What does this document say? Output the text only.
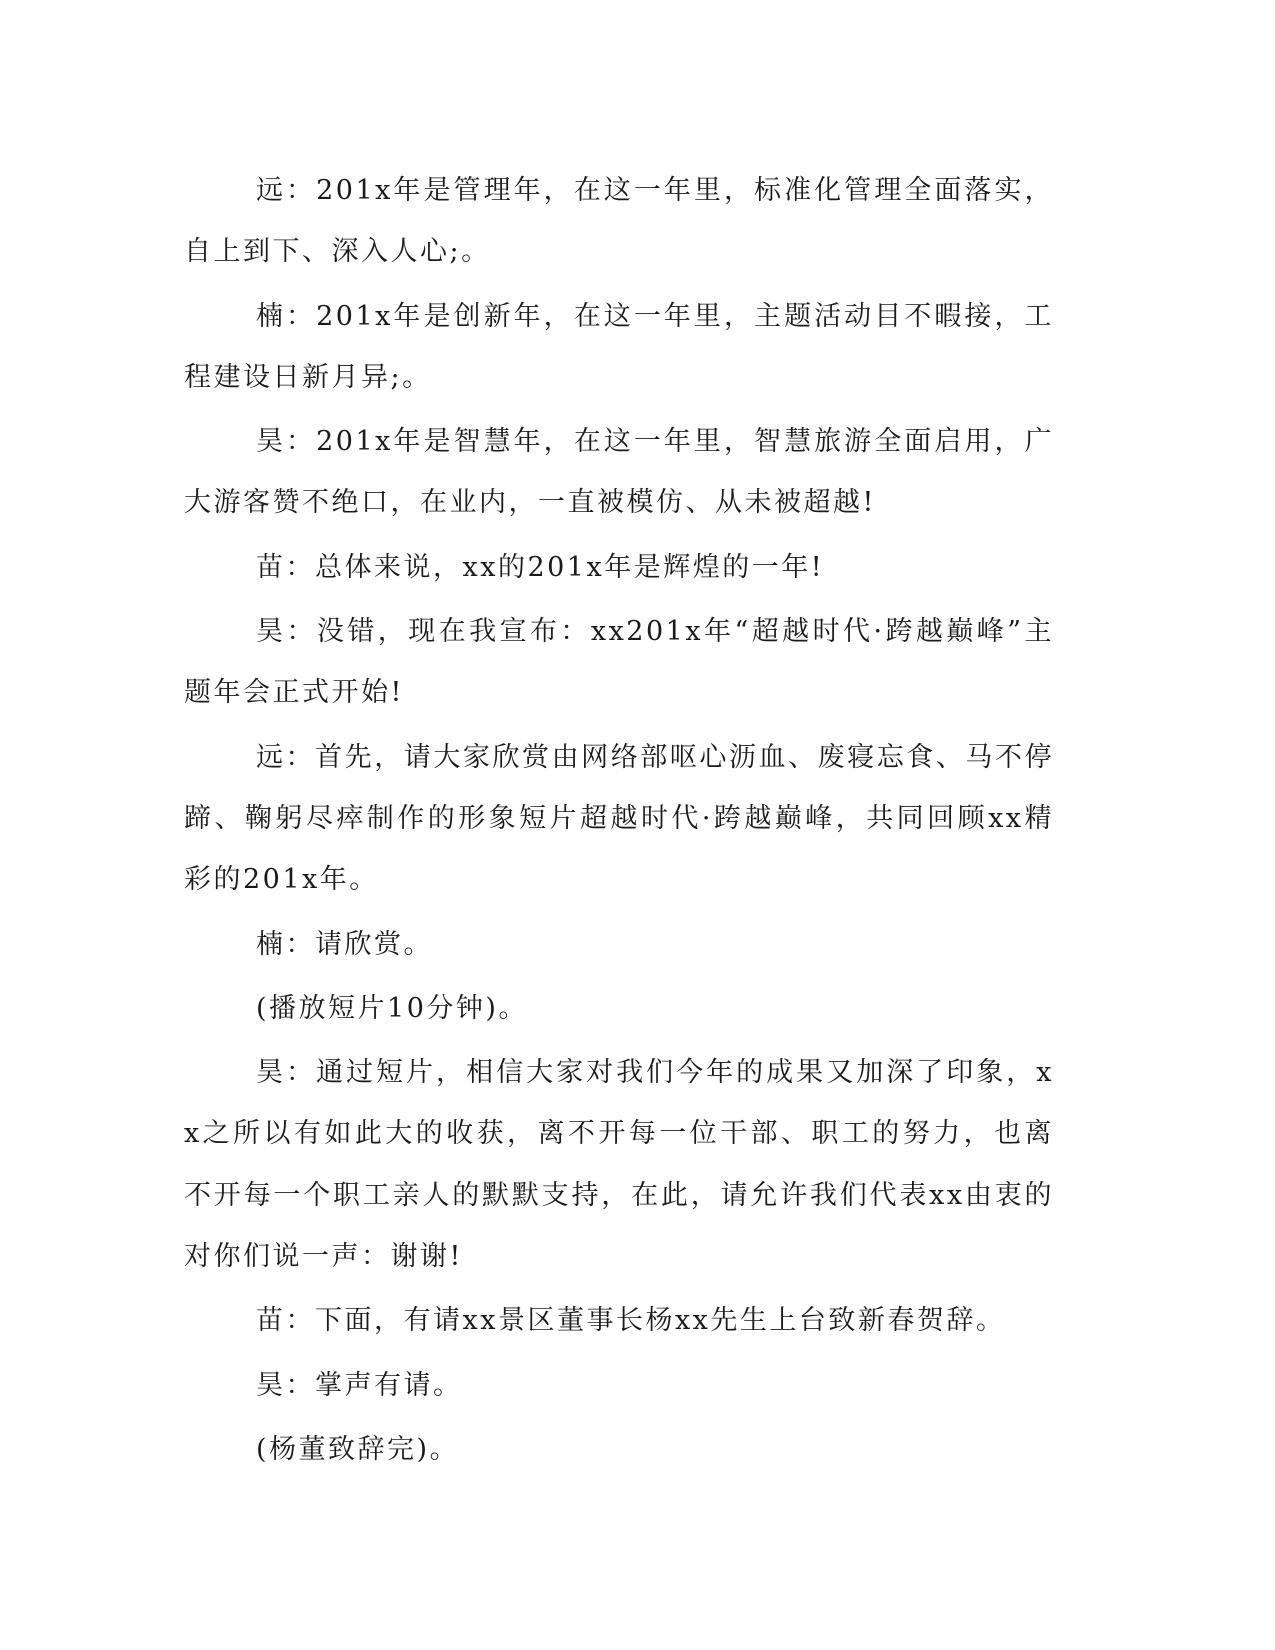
远：201x年是管理年，在这一年里，标准化管理全面落实，自上到下、深入人心;。

楠：201x年是创新年，在这一年里，主题活动目不暇接，工程建设日新月异;。

昊：201x年是智慧年，在这一年里，智慧旅游全面启用，广大游客赞不绝口，在业内，一直被模仿、从未被超越!

苗：总体来说，xx的201x年是辉煌的一年!

昊：没错，现在我宣布：xx201x年“超越时代·跨越巅峰”主题年会正式开始!

远：首先，请大家欣赏由网络部呕心沥血、废寝忘食、马不停蹄、鞠躬尽瘁制作的形象短片超越时代·跨越巅峰，共同回顾xx精彩的201x年。

楠：请欣赏。

(播放短片10分钟)。

昊：通过短片，相信大家对我们今年的成果又加深了印象，xx之所以有如此大的收获，离不开每一位干部、职工的努力，也离不开每一个职工亲人的默默支持，在此，请允许我们代表xx由衷的对你们说一声：谢谢!

苗：下面，有请xx景区董事长杨xx先生上台致新春贺辞。

昊：掌声有请。

(杨董致辞完)。
